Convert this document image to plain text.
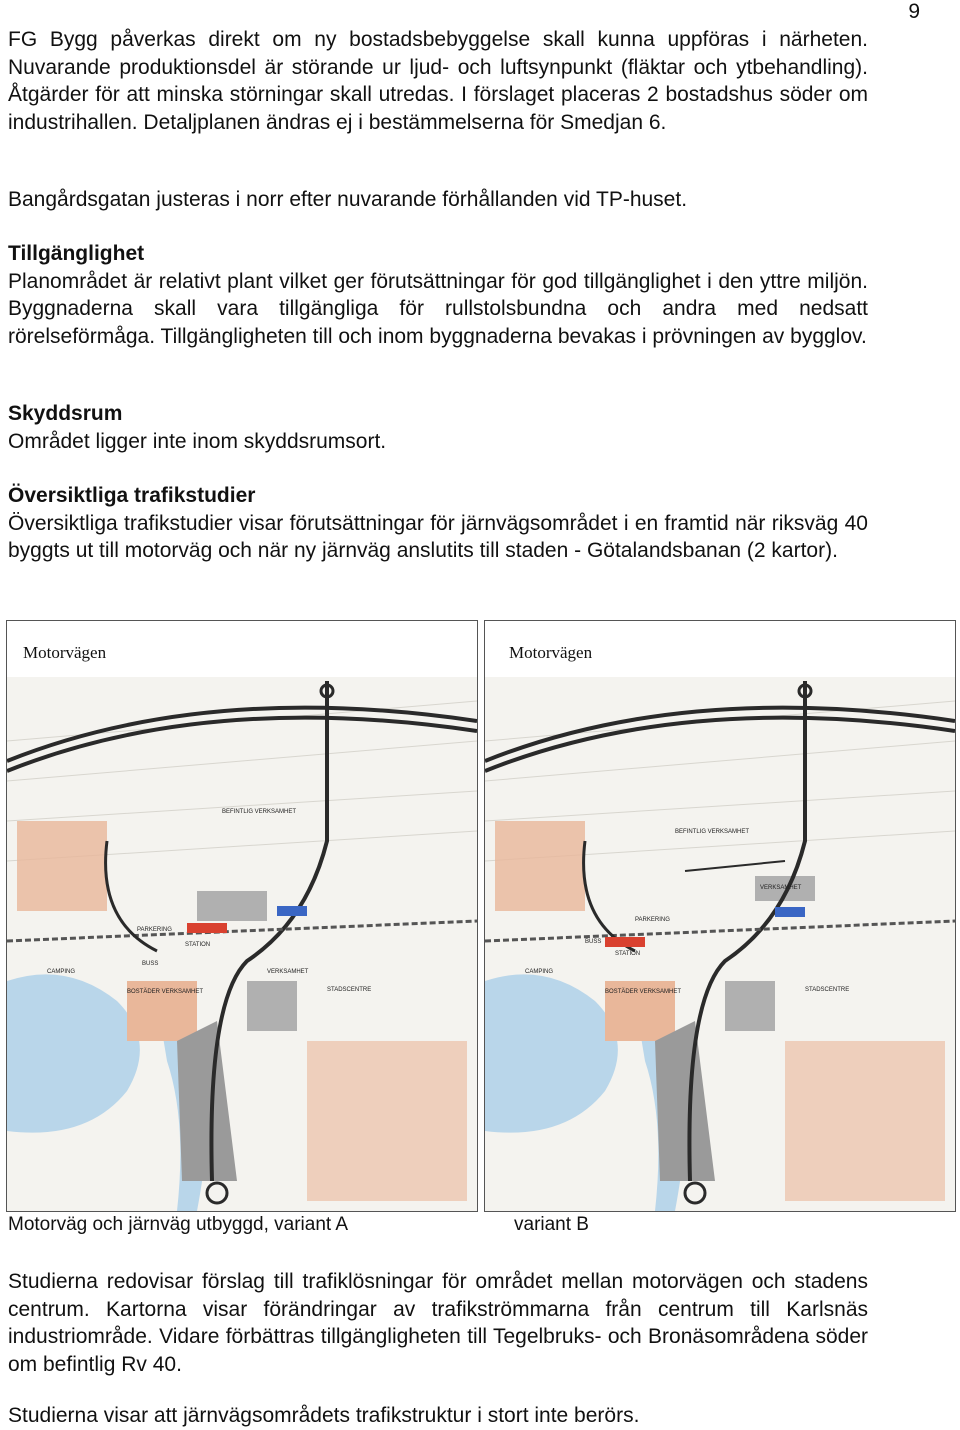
9

FG Bygg påverkas direkt om ny bostadsbebyggelse skall kunna uppföras i närheten. Nuvarande produktionsdel är störande ur ljud- och luftsynpunkt (fläktar och ytbehandling). Åtgärder för att minska störningar skall utredas. I förslaget placeras 2 bostadshus söder om industrihallen. Detaljplanen ändras ej i bestämmelserna för Smedjan 6.

Bangårdsgatan justeras i norr efter nuvarande förhållanden vid TP-huset.

Tillgänglighet

Planområdet är relativt plant vilket ger förutsättningar för god tillgänglighet i den yttre miljön. Byggnaderna skall vara tillgängliga för rullstolsbundna och andra med nedsatt rörelseförmåga. Tillgängligheten till och inom byggnaderna bevakas i prövningen av bygglov.

Skyddsrum

Området ligger inte inom skyddsrumsort.

Översiktliga trafikstudier

Översiktliga trafikstudier visar förutsättningar för järnvägsområdet i en framtid när riksväg 40 byggts ut till motorväg och när ny järnväg anslutits till staden - Götalandsbanan (2 kartor).

BEFINTLIG VERKSAMHET
PARKERING
VERKSAMHET
STATION
CAMPING
BUSS
BOSTÄDER VERKSAMHET	STADSCENTRE
Motorvägen
BEFINTLIG VERKSAMHET
PARKERING
VERKSAMHET
STATION
CAMPING
BUSS
BOSTÄDER VERKSAMHET	STADSCENTRE
Motorvägen
Motorväg och järnväg utbyggd, variant A	variant B

Studierna redovisar förslag till trafiklösningar för området mellan motorvägen och stadens centrum. Kartorna visar förändringar av trafikströmmarna från centrum till Karlsnäs industriområde. Vidare förbättras tillgängligheten till Tegelbruks- och Bronäsområdena söder om befintlig Rv 40.

Studierna visar att järnvägsområdets trafikstruktur i stort inte berörs.
